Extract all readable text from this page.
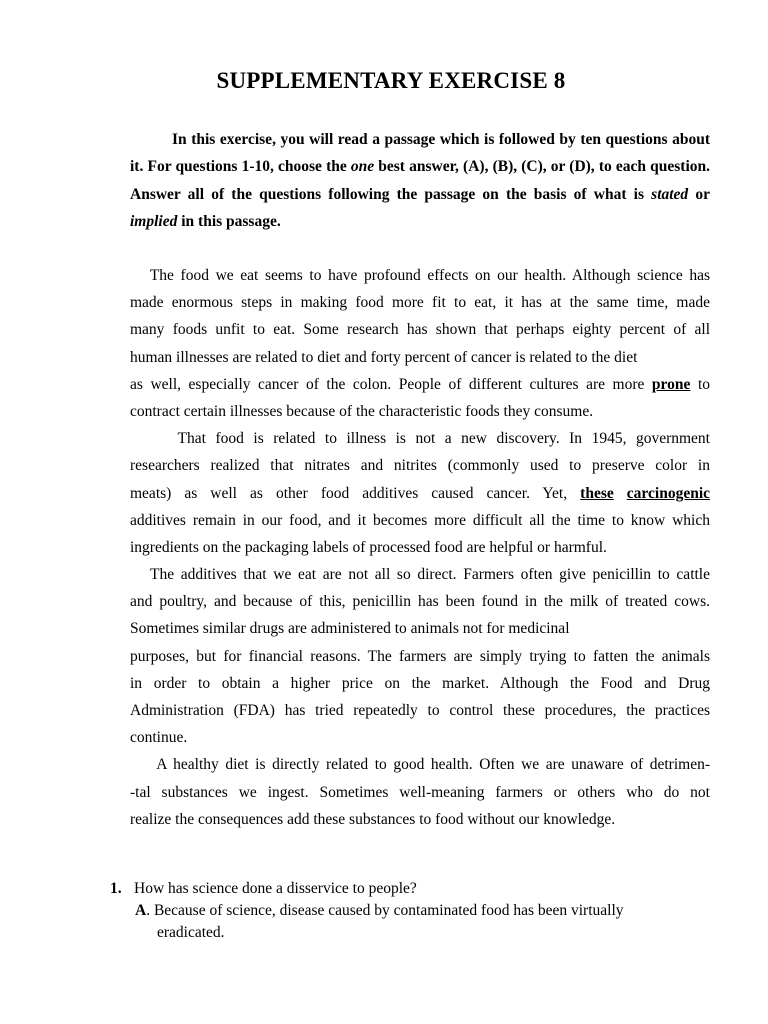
SUPPLEMENTARY EXERCISE 8
In this exercise, you will read a passage which is followed by ten questions about it. For questions 1-10, choose the one best answer, (A), (B), (C), or (D), to each question. Answer all of the questions following the passage on the basis of what is stated or implied in this passage.
The food we eat seems to have profound effects on our health. Although science has
made enormous steps in making food more fit to eat, it has at the same time, made
many foods unfit to eat. Some research has shown that perhaps eighty percent of all
human illnesses are related to diet and forty percent of cancer is related to the diet
as well, especially cancer of the colon. People of different cultures are more prone to
contract certain illnesses because of the characteristic foods they consume.
That food is related to illness is not a new discovery. In 1945, government
researchers realized that nitrates and nitrites (commonly used to preserve color in
meats) as well as other food additives caused cancer. Yet, these carcinogenic
additives remain in our food, and it becomes more difficult all the time to know which
ingredients on the packaging labels of processed food are helpful or harmful.
The additives that we eat are not all so direct. Farmers often give penicillin to cattle
and poultry, and because of this, penicillin has been found in the milk of treated cows.
Sometimes similar drugs are administered to animals not for medicinal
purposes, but for financial reasons. The farmers are simply trying to fatten the animals
in order to obtain a higher price on the market. Although the Food and Drug
Administration (FDA) has tried repeatedly to control these procedures, the practices
continue.
A healthy diet is directly related to good health. Often we are unaware of detrimen-
-tal substances we ingest. Sometimes well-meaning farmers or others who do not
realize the consequences add these substances to food without our knowledge.
1. How has science done a disservice to people?
A. Because of science, disease caused by contaminated food has been virtually
eradicated.
